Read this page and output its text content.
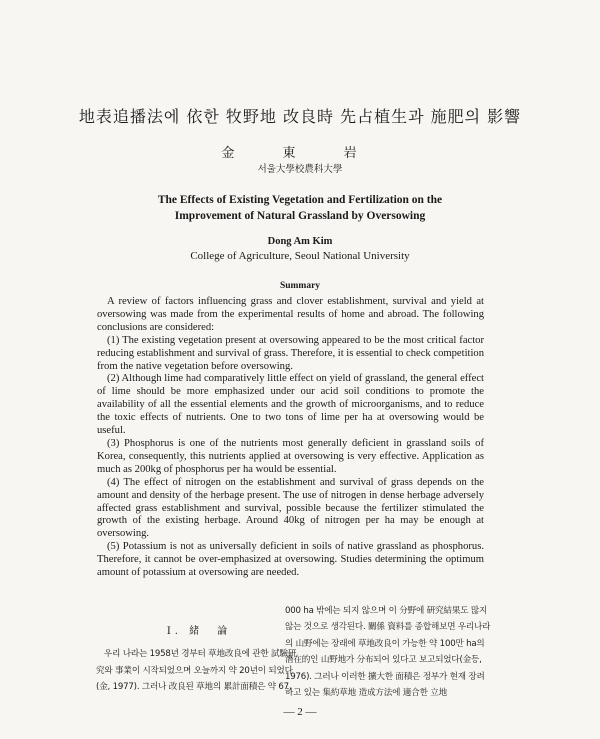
地表追播法에 依한 牧野地 改良時 先占植生과 施肥의 影響
金 東 岩
서울大學校農科大學
The Effects of Existing Vegetation and Fertilization on the
Improvement of Natural Grassland by Oversowing
Dong Am Kim
College of Agriculture, Seoul National University
Summary

A review of factors influencing grass and clover establishment, survival and yield at oversowing was made from the experimental results of home and abroad. The following conclusions are considered:

(1) The existing vegetation present at oversowing appeared to be the most critical factor reducing establishment and survival of grass. Therefore, it is essential to check competition from the native vegetation before oversowing.

(2) Although lime had comparatively little effect on yield of grassland, the general effect of lime should be more emphasized under our acid soil conditions to promote the availability of all the essential elements and the growth of microorganisms, and to reduce the toxic effects of nutrients. One to two tons of lime per ha at oversowing would be useful.

(3) Phosphorus is one of the nutrients most generally deficient in grassland soils of Korea, consequently, this nutrients applied at oversowing is very effective. Application as much as 200kg of phosphorus per ha would be essential.

(4) The effect of nitrogen on the establishment and survival of grass depends on the amount and density of the herbage present. The use of nitrogen in dense herbage adversely affected grass establishment and survival, possible because the fertilizer stimulated the growth of the existing herbage. Around 40kg of nitrogen per ha may be enough at oversowing.

(5) Potassium is not as universally deficient in soils of native grassland as phosphorus. Therefore, it cannot be over-emphasized at oversowing. Studies determining the optimum amount of potassium at oversowing are needed.

I. 緒　論

우리 나라는 1958년 경부터 草地改良에 관한 試驗硏究와 事業이 시작되었으며 오늘까지 약 20년이 되었다(金, 1977). 그러나 改良된 草地의 累計面積은 약 67,

000 ha 밖에는 되지 않으며 이 分野에 硏究結果도 많지 않는 것으로 생각된다. 關係 資料를 종합해보면 우리나라의 山野에는 장래에 草地改良이 가능한 약 100만 ha의 潛在的인 山野地가 分布되어 있다고 보고되었다(金등, 1976). 그러나 이러한 擴大한 面積은 정부가 현재 장려하고 있는 集約草地 造成方法에 適合한 立地

— 2 —
